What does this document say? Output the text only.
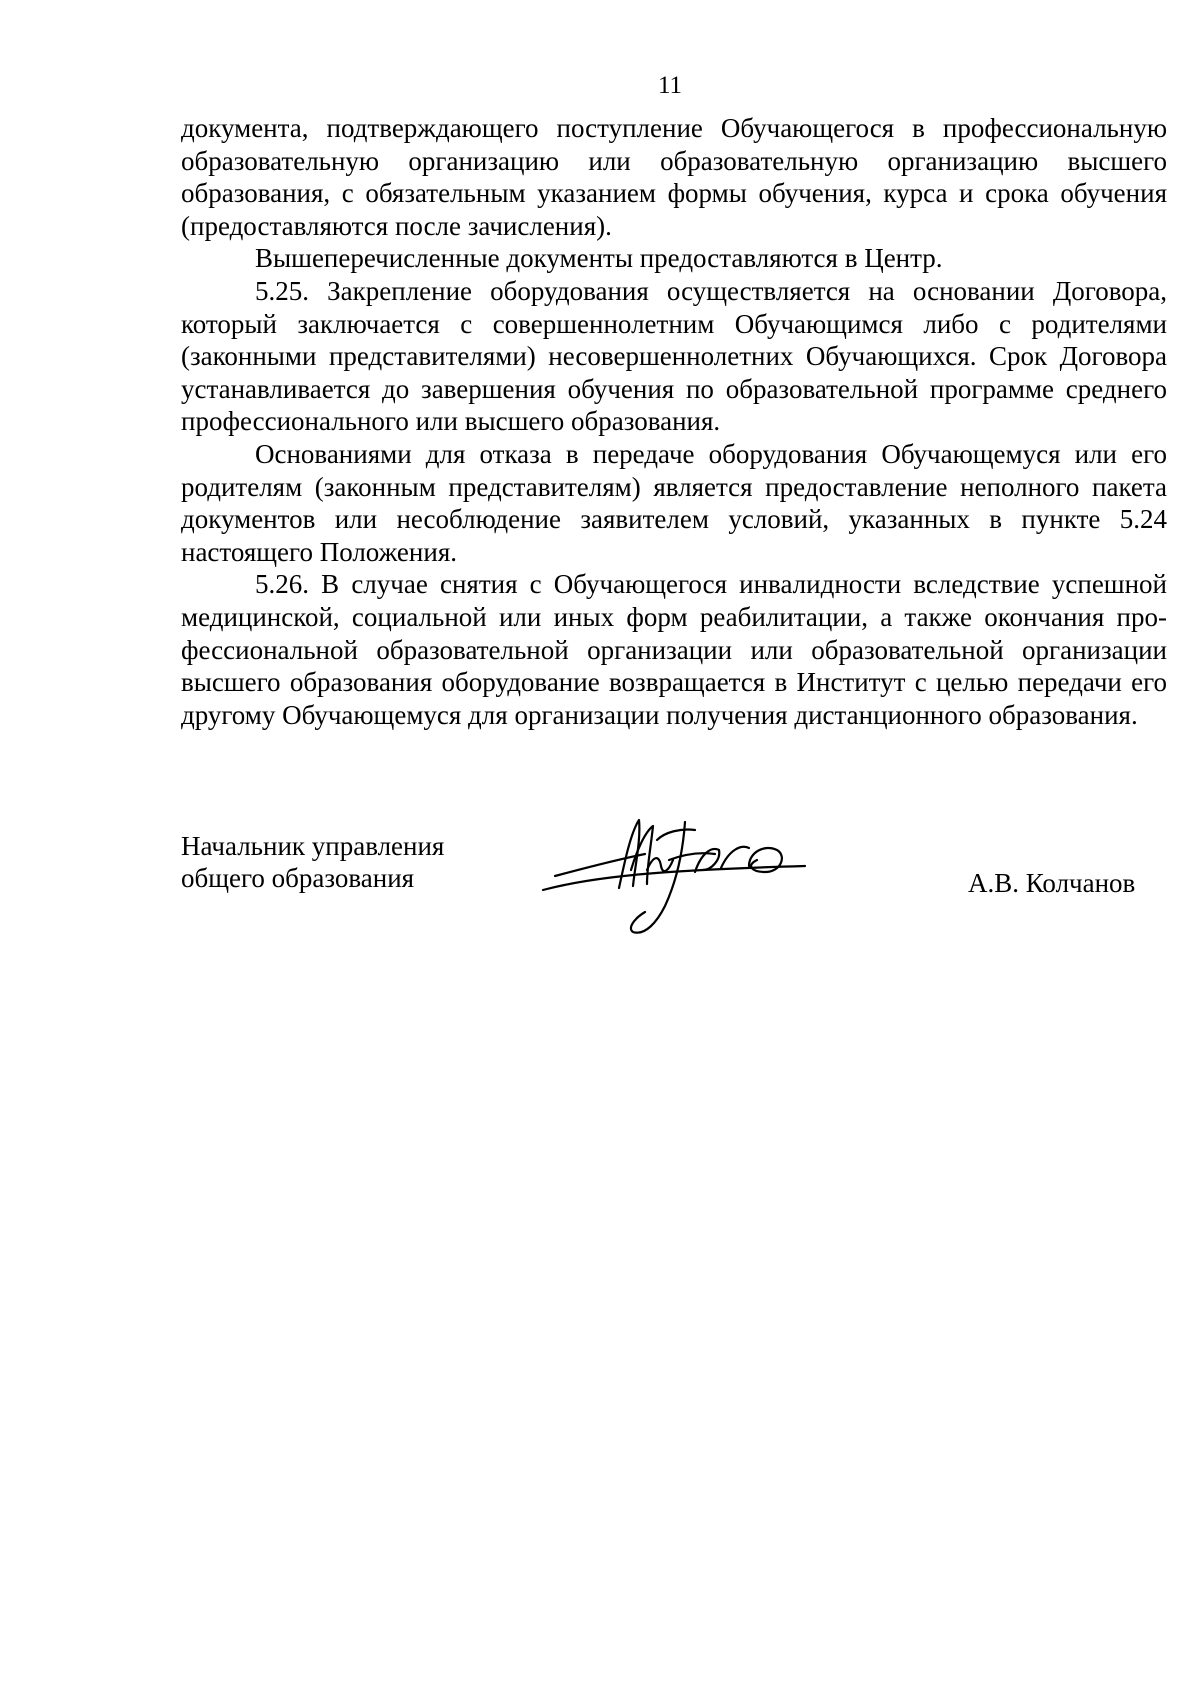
11

документа, подтверждающего поступление Обучающегося в профессиональную образовательную организацию или образовательную организацию высшего образования, с обязательным указанием формы обучения, курса и срока обучения (предоставляются после зачисления).

Вышеперечисленные документы предоставляются в Центр.

5.25. Закрепление оборудования осуществляется на основании Договора, который заключается с совершеннолетним Обучающимся либо с родителями (законными представителями) несовершеннолетних Обучающихся. Срок Договора устанавливается до завершения обучения по образовательной программе среднего профессионального или высшего образования.

Основаниями для отказа в передаче оборудования Обучающемуся или его родителям (законным представителям) является предоставление неполного пакета документов или несоблюдение заявителем условий, указанных в пункте 5.24 настоящего Положения.

5.26. В случае снятия с Обучающегося инвалидности вследствие успешной медицинской, социальной или иных форм реабилитации, а также окончания профессиональной образовательной организации или образовательной организации высшего образования оборудование возвращается в Институт с целью передачи его другому Обучающемуся для организации получения дистанционного образования.

Начальник управления
общего образования	А.В. Колчанов
